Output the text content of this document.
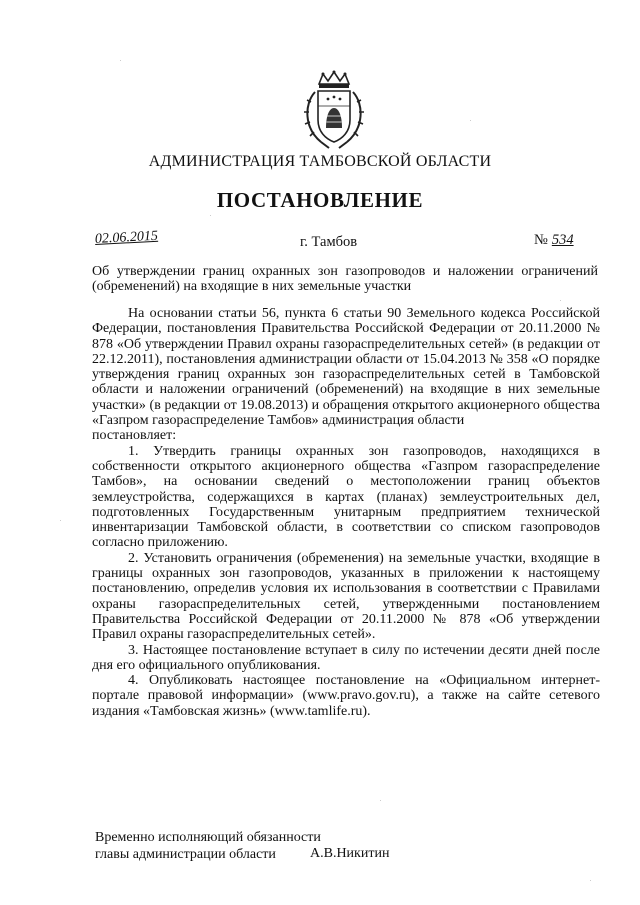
АДМИНИСТРАЦИЯ ТАМБОВСКОЙ ОБЛАСТИ
ПОСТАНОВЛЕНИЕ
02.06.2015	г. Тамбов	№ 534
Об утверждении границ охранных зон газопроводов и наложении ограничений (обременений) на входящие в них земельные участки

На основании статьи 56, пункта 6 статьи 90 Земельного кодекса Российской Федерации, постановления Правительства Российской Федерации от 20.11.2000 № 878 «Об утверждении Правил охраны газораспределительных сетей» (в редакции от 22.12.2011), постановления администрации области от 15.04.2013 № 358 «О порядке утверждения границ охранных зон газораспределительных сетей в Тамбовской области и наложении ограничений (обременений) на входящие в них земельные участки» (в редакции от 19.08.2013) и обращения открытого акционерного общества «Газпром газораспределение Тамбов» администрация области

постановляет:

1. Утвердить границы охранных зон газопроводов, находящихся в собственности открытого акционерного общества «Газпром газораспределение Тамбов», на основании сведений о местоположении границ объектов землеустройства, содержащихся в картах (планах) землеустроительных дел, подготовленных Государственным унитарным предприятием технической инвентаризации Тамбовской области, в соответствии со списком газопроводов согласно приложению.

2. Установить ограничения (обременения) на земельные участки, входящие в границы охранных зон газопроводов, указанных в приложении к настоящему постановлению, определив условия их использования в соответствии с Правилами охраны газораспределительных сетей, утвержденными постановлением Правительства Российской Федерации от 20.11.2000 № 878 «Об утверждении Правил охраны газораспределительных сетей».

3. Настоящее постановление вступает в силу по истечении десяти дней после дня его официального опубликования.

4. Опубликовать настоящее постановление на «Официальном интернет-портале правовой информации» (www.pravo.gov.ru), а также на сайте сетевого издания «Тамбовская жизнь» (www.tamlife.ru).

Временно исполняющий обязанности
главы администрации области	А.В.Никитин
